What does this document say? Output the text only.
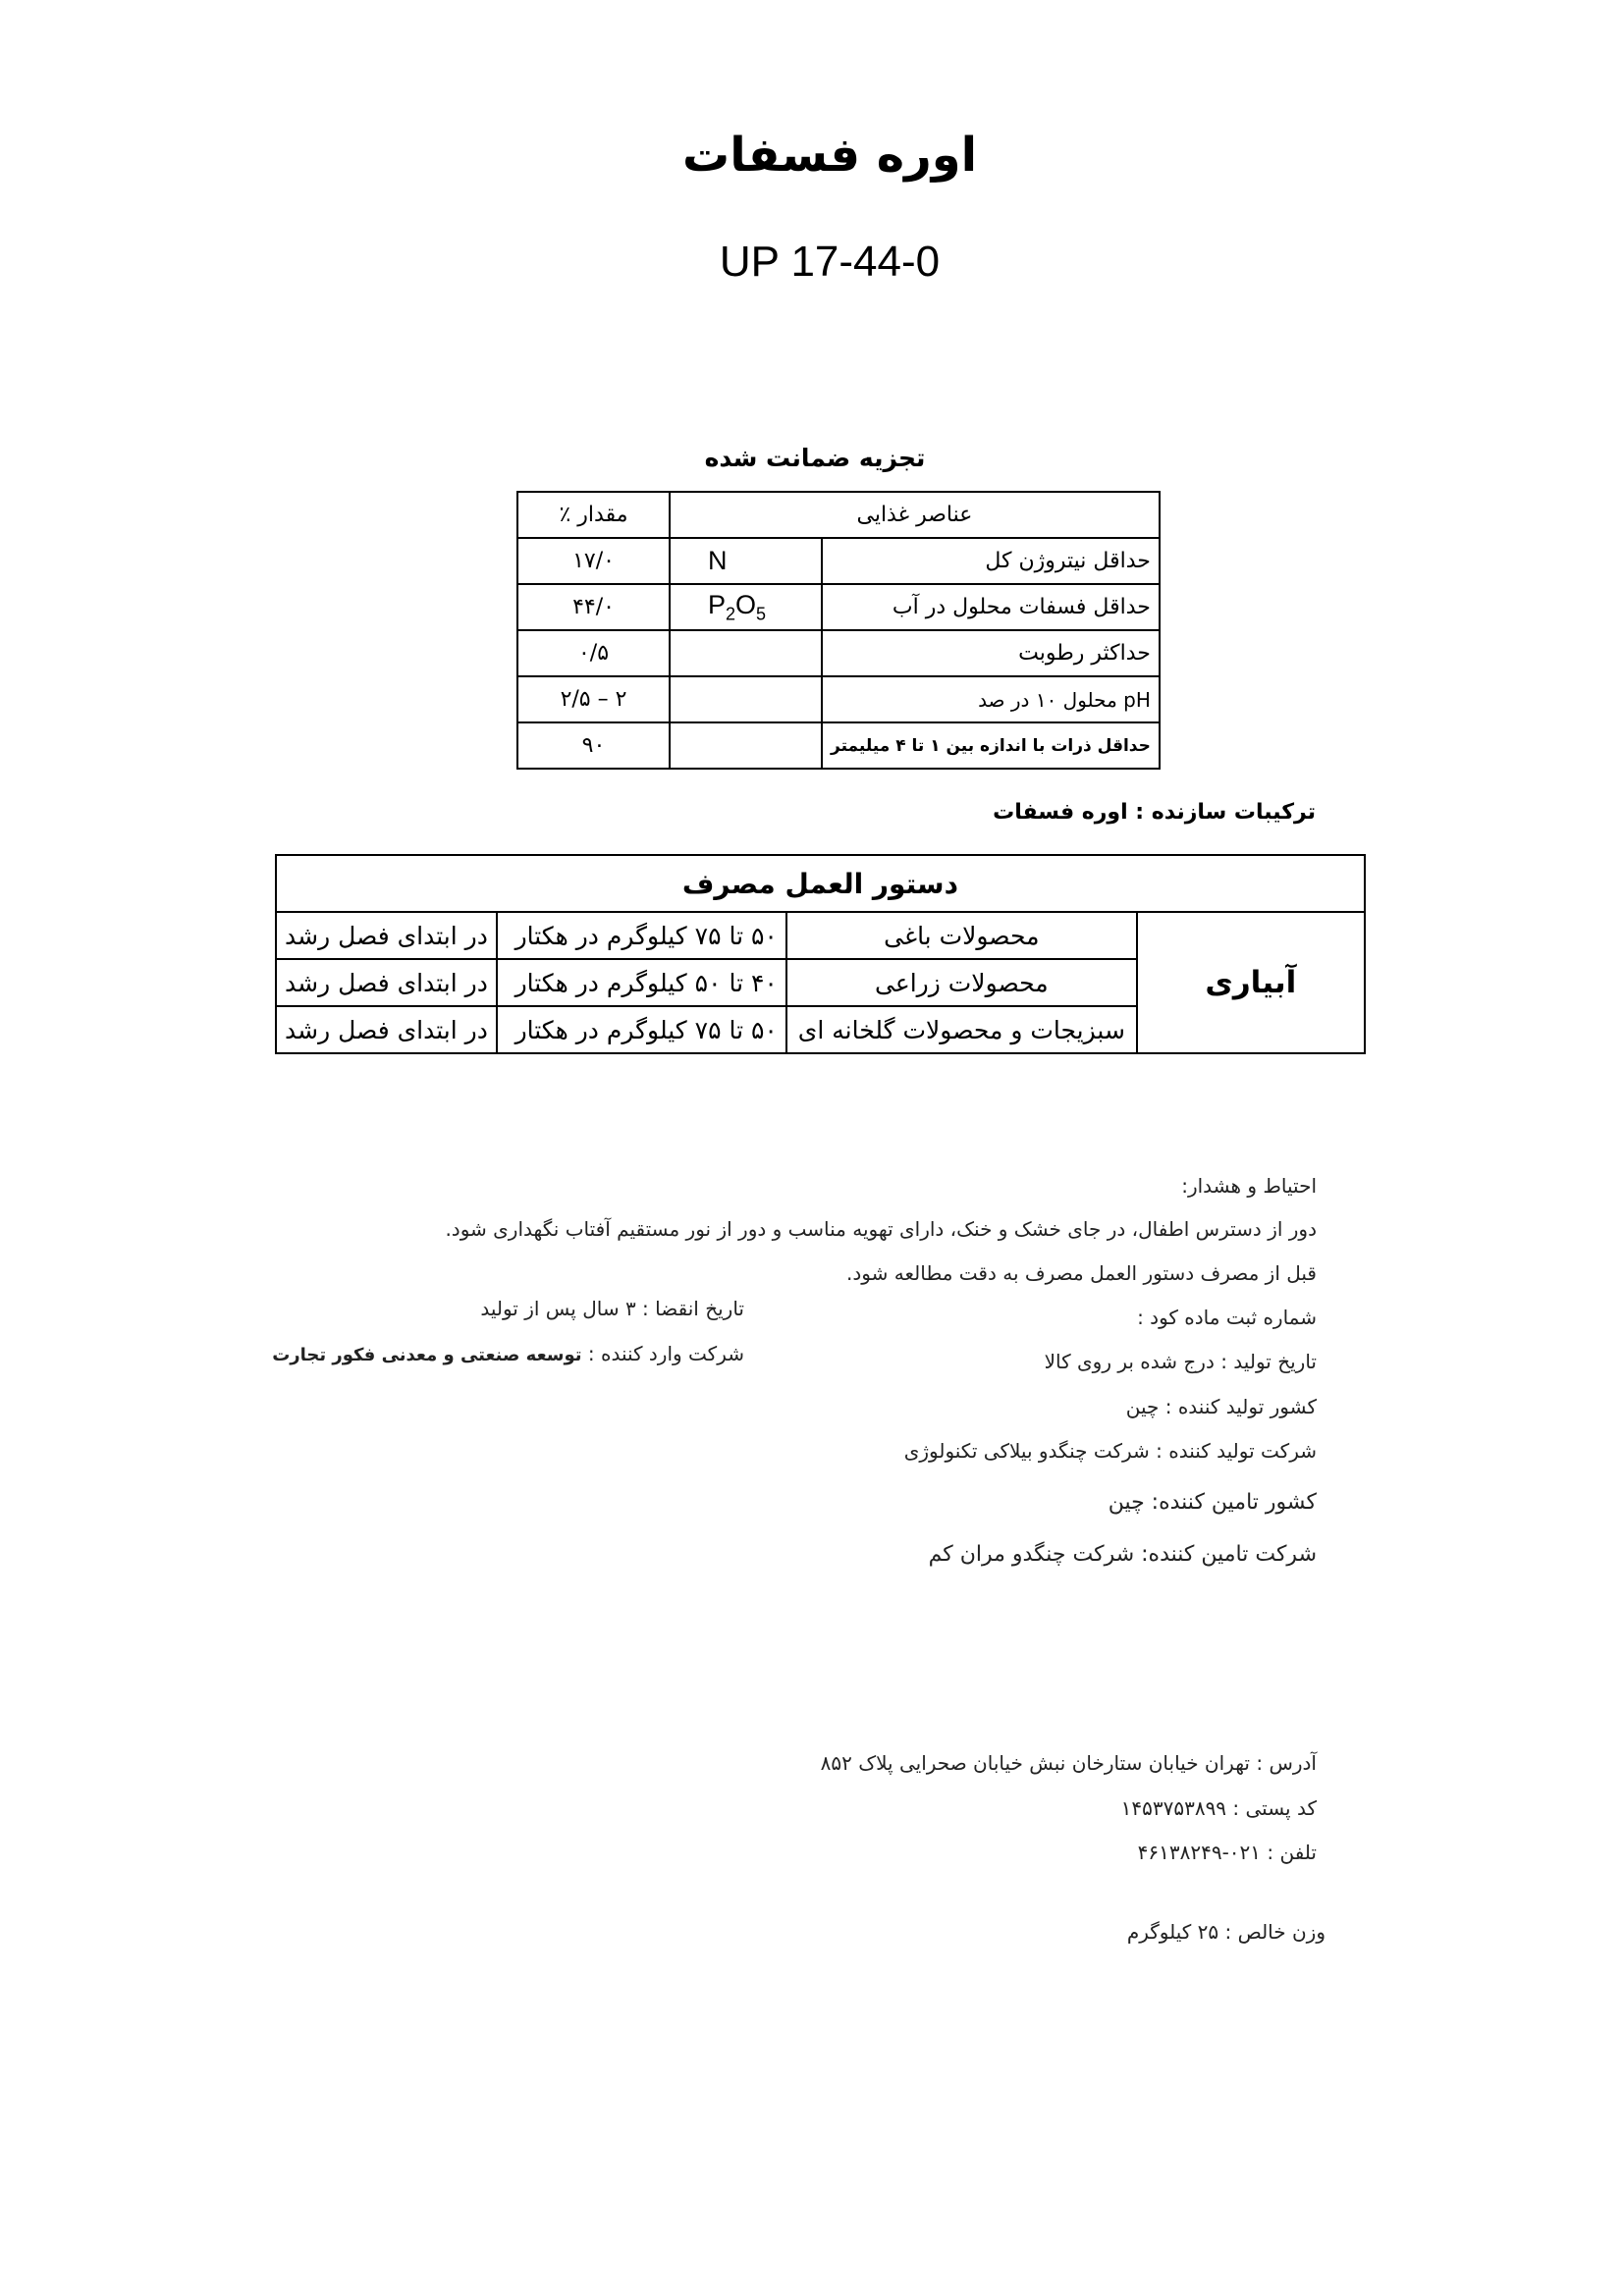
اوره فسفات
UP 17-44-0
تجزیه ضمانت شده
عناصر غذایی		مقدار ٪
حداقل نیتروژن کل	N	۱۷/۰
حداقل فسفات محلول در آب	$P_2O_5$	۴۴/۰
حداکثر رطوبت		۰/۵
pH محلول ۱۰ در صد		۲ – ۲/۵
حداقل ذرات با اندازه بین ۱ تا ۴ میلیمتر		۹۰
ترکیبات سازنده : اوره فسفات
دستور العمل مصرف			
آبیاری	محصولات باغی	۵۰ تا ۷۵ کیلوگرم در هکتار	در ابتدای فصل رشد
	محصولات زراعی	۴۰ تا ۵۰ کیلوگرم در هکتار	در ابتدای فصل رشد
	سبزیجات و محصولات گلخانه ای	۵۰ تا ۷۵ کیلوگرم در هکتار	در ابتدای فصل رشد
احتیاط و هشدار:
دور از دسترس اطفال، در جای خشک و خنک، دارای تهویه مناسب و دور از نور مستقیم آفتاب نگهداری شود.
قبل از مصرف دستور العمل مصرف به دقت مطالعه شود.
شماره ثبت ماده کود :
تاریخ تولید : درج شده بر روی کالا
کشور تولید کننده : چین
شرکت تولید کننده : شرکت چنگدو بیلاکی تکنولوژی
کشور تامین کننده: چین
شرکت تامین کننده: شرکت چنگدو مران کم
تاریخ انقضا : ۳ سال پس از تولید
شرکت وارد کننده : توسعه صنعتی و معدنی فکور تجارت
آدرس : تهران خیابان ستارخان نبش خیابان صحرایی پلاک ۸۵۲
کد پستی : ۱۴۵۳۷۵۳۸۹۹
تلفن : ۰۲۱-۴۶۱۳۸۲۴۹
وزن خالص : ۲۵ کیلوگرم
